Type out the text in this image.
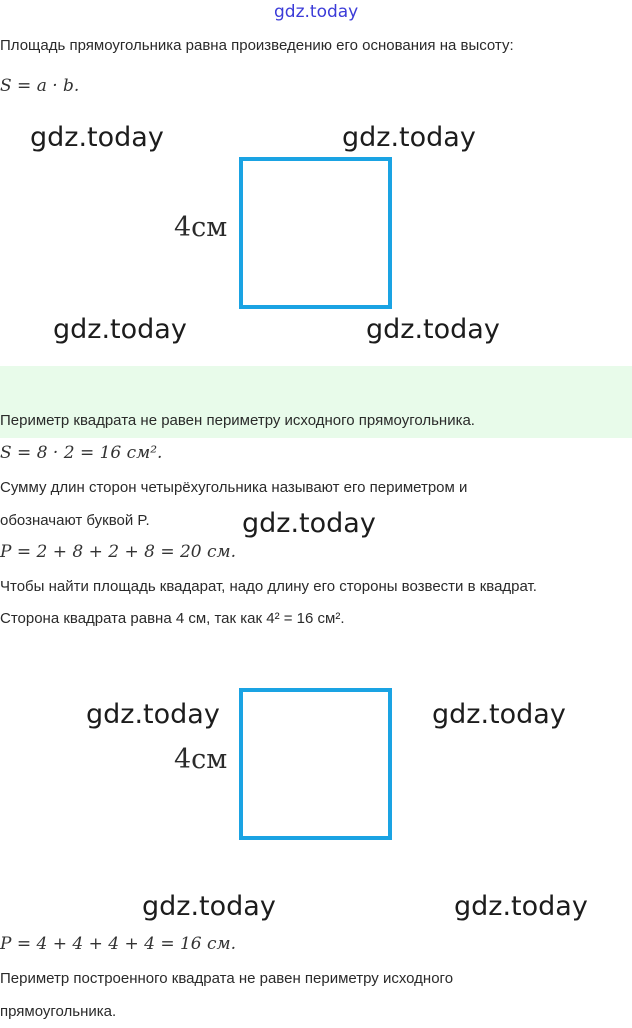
gdz.today
Площадь прямоугольника равна произведению его основания на высоту:
S = a · b.
gdz.today	gdz.today
4см
gdz.today	gdz.today
Периметр квадрата не равен периметру исходного прямоугольника.
S = 8 · 2 = 16 см².
Сумму длин сторон четырёхугольника называют его периметром и
обозначают буквой P.	gdz.today
P = 2 + 8 + 2 + 8 = 20 см.
Чтобы найти площадь квадарат, надо длину его стороны возвести в квадрат.
Сторона квадрата равна 4 см, так как 4² = 16 см².
gdz.today	gdz.today
4см
gdz.today	gdz.today
P = 4 + 4 + 4 + 4 = 16 см.
Периметр построенного квадрата не равен периметру исходного
прямоугольника.
